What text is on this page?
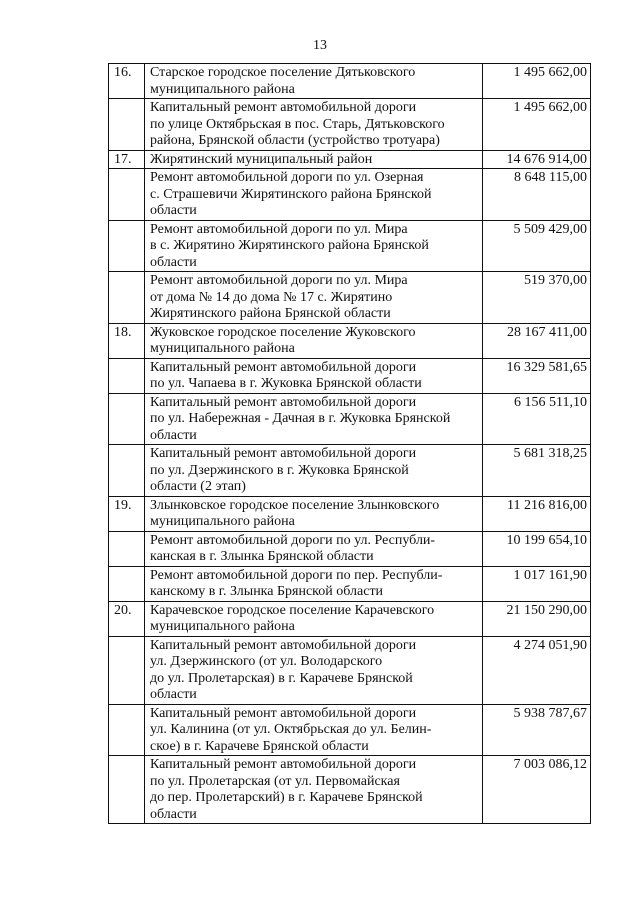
13
16.	Старское городское поселение Дятьковского
муниципального района	1 495 662,00

	Капитальный ремонт автомобильной дороги
по улице Октябрьская в пос. Старь, Дятьковского
района, Брянской области (устройство тротуара)	1 495 662,00
17.	Жирятинский муниципальный район	14 676 914,00

	Ремонт автомобильной дороги по ул. Озерная
с. Страшевичи Жирятинского района Брянской
области	8 648 115,00

	Ремонт автомобильной дороги по ул. Мира
в с. Жирятино Жирятинского района Брянской
области	5 509 429,00

	Ремонт автомобильной дороги по ул. Мира
от дома № 14 до дома № 17 с. Жирятино
Жирятинского района Брянской области	519 370,00
18.	Жуковское городское поселение Жуковского
муниципального района	28 167 411,00

	Капитальный ремонт автомобильной дороги
по ул. Чапаева в г. Жуковка Брянской области	16 329 581,65

	Капитальный ремонт автомобильной дороги
по ул. Набережная - Дачная в г. Жуковка Брянской
области	6 156 511,10

	Капитальный ремонт автомобильной дороги
по ул. Дзержинского в г. Жуковка Брянской
области (2 этап)	5 681 318,25
19.	Злынковское городское поселение Злынковского
муниципального района	11 216 816,00

	Ремонт автомобильной дороги по ул. Республи-
канская в г. Злынка Брянской области	10 199 654,10

	Ремонт автомобильной дороги по пер. Республи-
канскому в г. Злынка Брянской области	1 017 161,90
20.	Карачевское городское поселение Карачевского
муниципального района	21 150 290,00

	Капитальный ремонт автомобильной дороги
ул. Дзержинского (от ул. Володарского
до ул. Пролетарская) в г. Карачеве Брянской
области	4 274 051,90

	Капитальный ремонт автомобильной дороги
ул. Калинина (от ул. Октябрьская до ул. Белин-
ское) в г. Карачеве Брянской области	5 938 787,67

	Капитальный ремонт автомобильной дороги
по ул. Пролетарская (от ул. Первомайская
до пер. Пролетарский) в г. Карачеве Брянской
области	7 003 086,12
